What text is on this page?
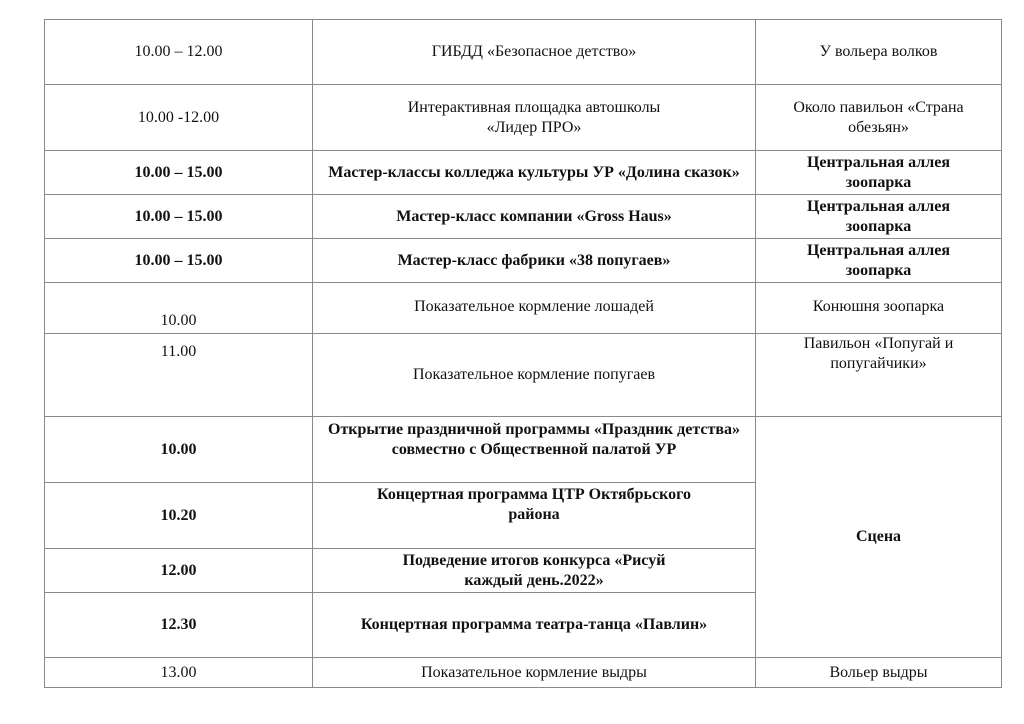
10.00 – 12.00	ГИБДД «Безопасное детство»	У вольера волков
10.00 -12.00	Интерактивная площадка автошколы «Лидер ПРО»	Около павильон «Страна обезьян»
10.00 – 15.00	Мастер-классы колледжа культуры УР «Долина сказок»	Центральная аллея зоопарка
10.00 – 15.00	Мастер-класс компании «Gross Haus»	Центральная аллея зоопарка
10.00 – 15.00	Мастер-класс фабрики «38 попугаев»	Центральная аллея зоопарка
10.00	Показательное кормление лошадей	Конюшня зоопарка
11.00	Показательное кормление попугаев	Павильон «Попугай и попугайчики»
10.00	Открытие праздничной программы «Праздник детства» совместно с Общественной палатой УР	Сцена
10.20	Концертная программа ЦТР Октябрьского района	
12.00	Подведение итогов конкурса «Рисуй каждый день.2022»	
12.30	Концертная программа театра-танца «Павлин»	
13.00	Показательное кормление выдры	Вольер выдры
